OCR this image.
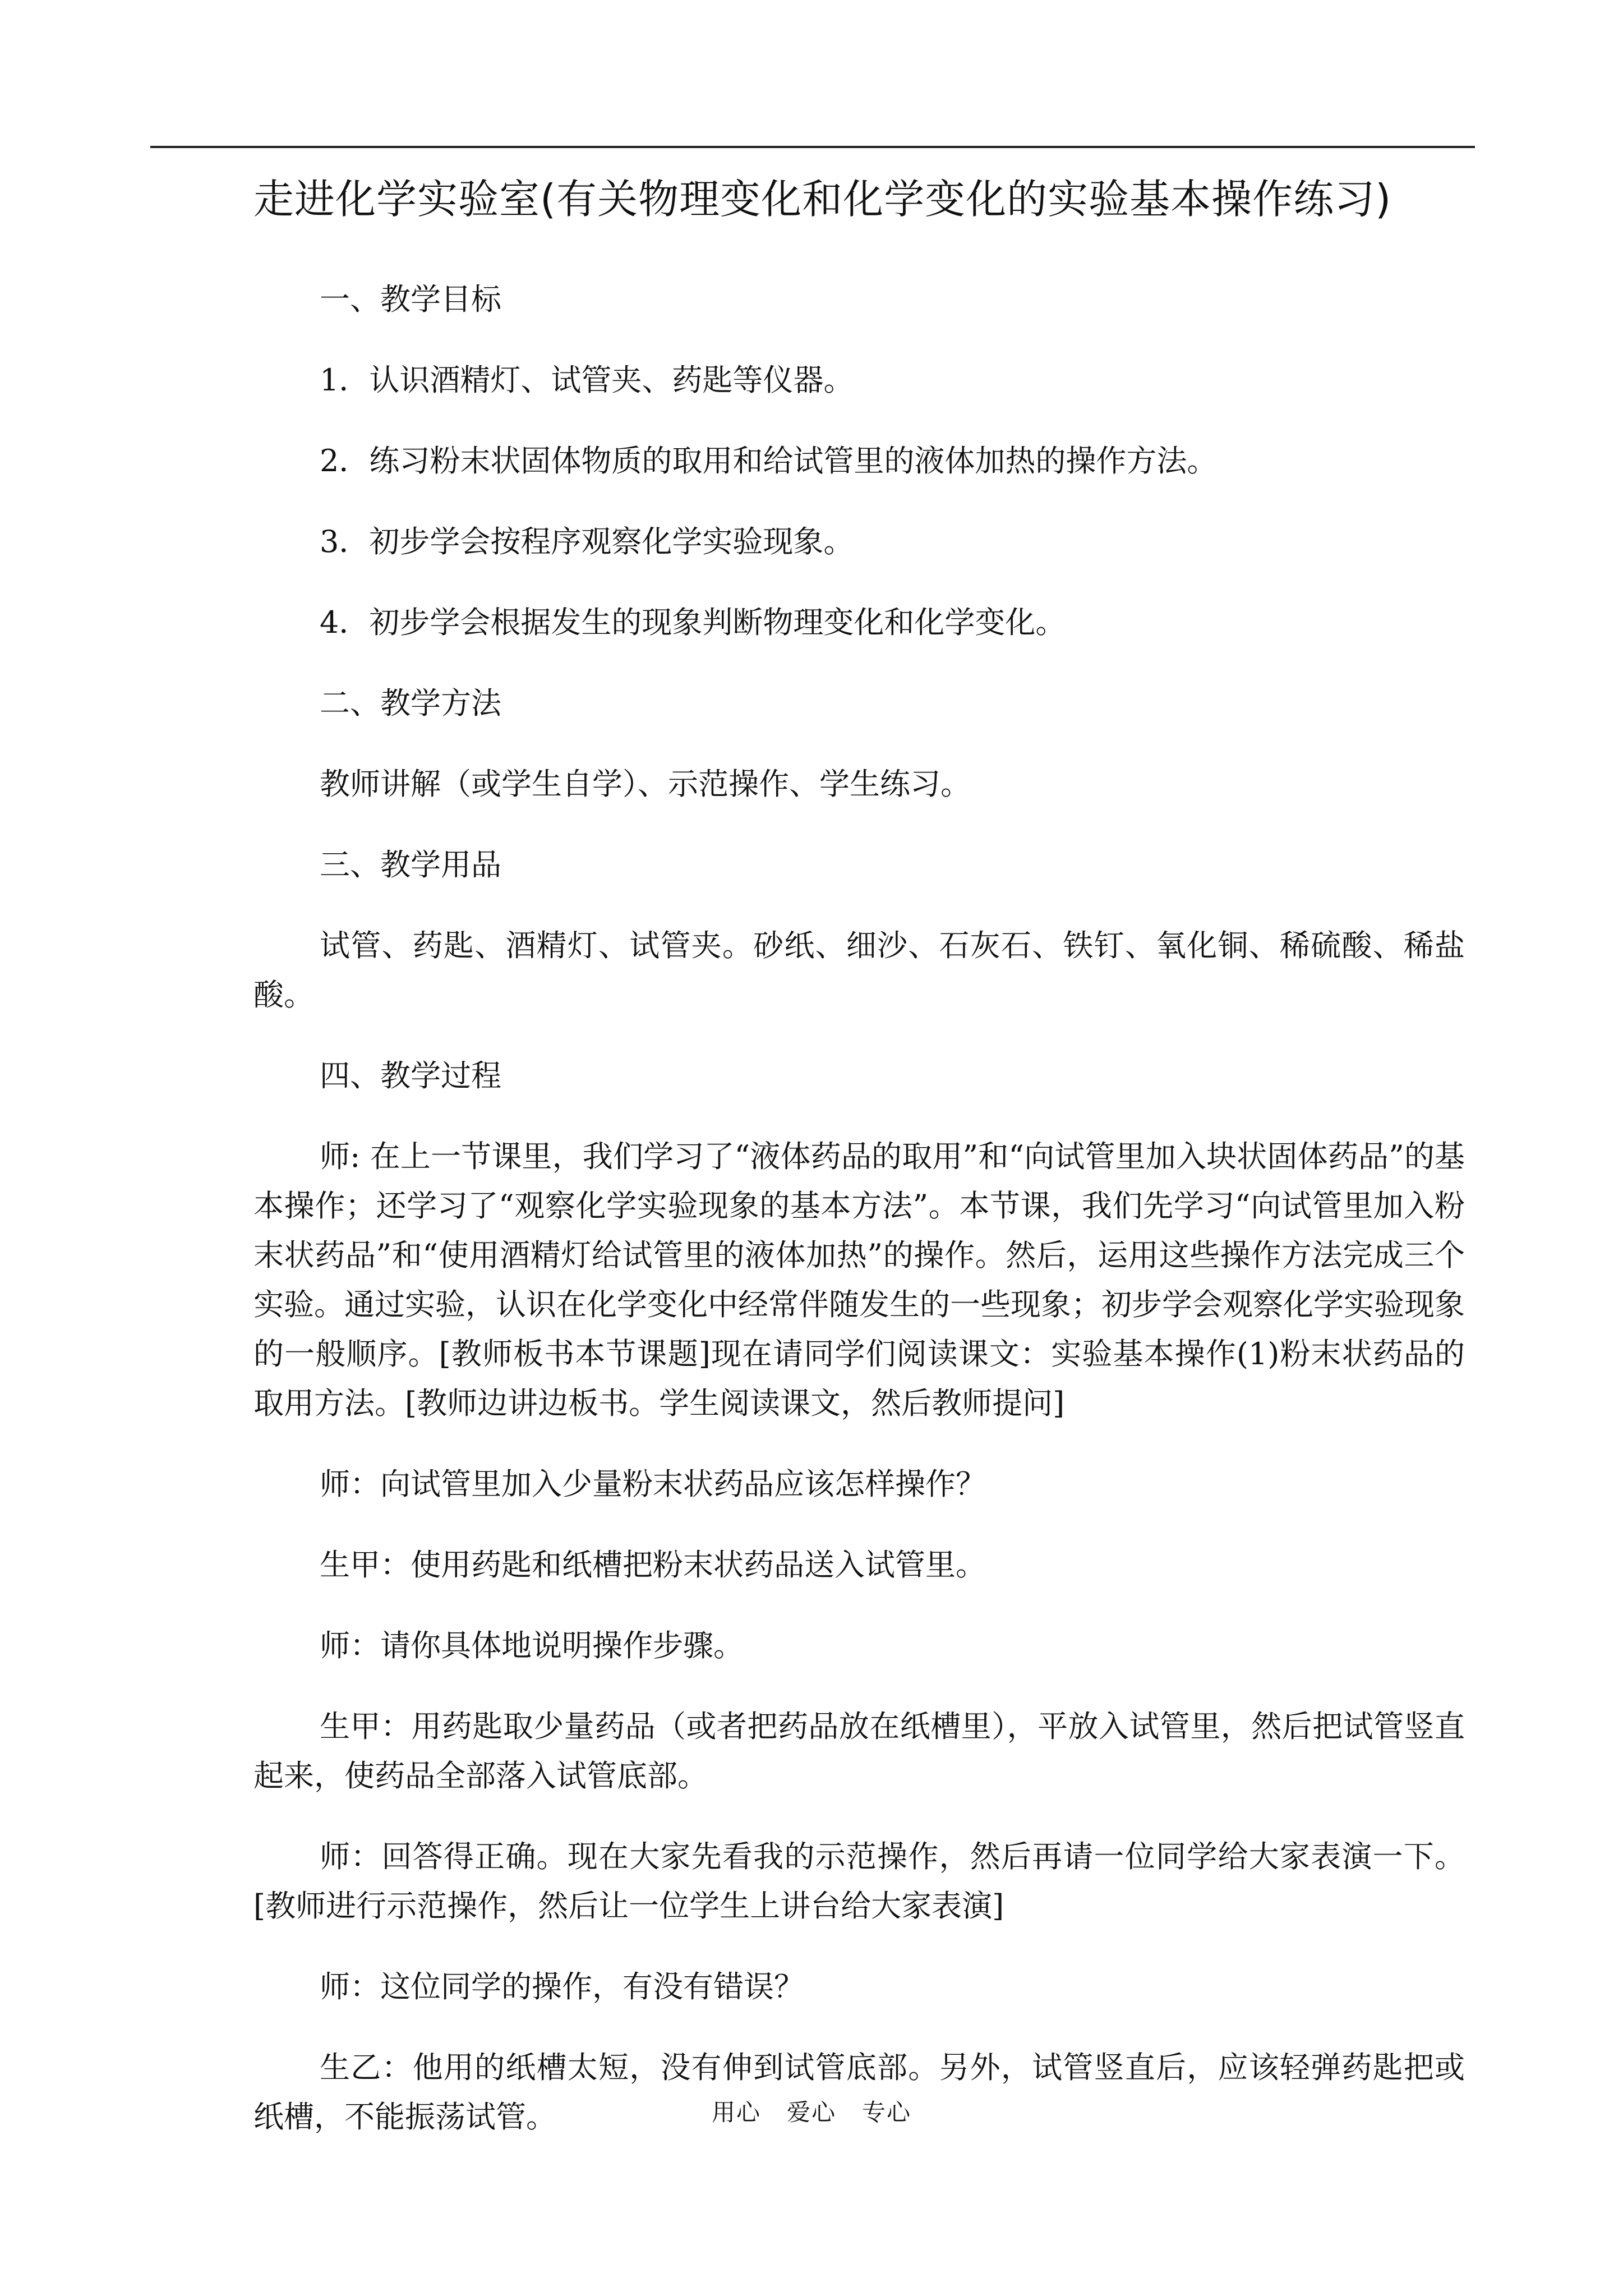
走进化学实验室(有关物理变化和化学变化的实验基本操作练习)

一、教学目标

1．认识酒精灯、试管夹、药匙等仪器。

2．练习粉末状固体物质的取用和给试管里的液体加热的操作方法。

3．初步学会按程序观察化学实验现象。

4．初步学会根据发生的现象判断物理变化和化学变化。

二、教学方法

教师讲解（或学生自学）、示范操作、学生练习。

三、教学用品

试管、药匙、酒精灯、试管夹。砂纸、细沙、石灰石、铁钉、氧化铜、稀硫酸、稀盐酸。

四、教学过程

师: 在上一节课里，我们学习了“液体药品的取用”和“向试管里加入块状固体药品”的基本操作；还学习了“观察化学实验现象的基本方法”。本节课，我们先学习“向试管里加入粉末状药品”和“使用酒精灯给试管里的液体加热”的操作。然后，运用这些操作方法完成三个实验。通过实验，认识在化学变化中经常伴随发生的一些现象；初步学会观察化学实验现象的一般顺序。[教师板书本节课题]现在请同学们阅读课文：实验基本操作(1)粉末状药品的取用方法。[教师边讲边板书。学生阅读课文，然后教师提问]

师：向试管里加入少量粉末状药品应该怎样操作？

生甲：使用药匙和纸槽把粉末状药品送入试管里。

师：请你具体地说明操作步骤。

生甲：用药匙取少量药品（或者把药品放在纸槽里），平放入试管里，然后把试管竖直起来，使药品全部落入试管底部。

师：回答得正确。现在大家先看我的示范操作，然后再请一位同学给大家表演一下。[教师进行示范操作，然后让一位学生上讲台给大家表演]

师：这位同学的操作，有没有错误？

生乙：他用的纸槽太短，没有伸到试管底部。另外，试管竖直后，应该轻弹药匙把或纸槽，不能振荡试管。	用心   爱心   专心
